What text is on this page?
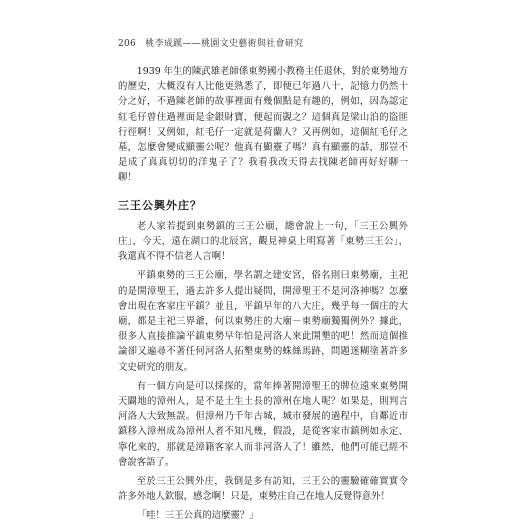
206 桃李成蹊——桃園文史藝術與社會研究

1939 年生的陳武雄老師係東勢國小教務主任退休，對於東勢地方的歷史，大概沒有人比他更熟悉了，即便已年過八十，記憶力仍然十分之好，不過陳老師的故事裡面有幾個點是有趣的，例如，因為認定紅毛仔曾住過裡面是金銀財寶，便起而覬之？這個真是梁山泊的盜匪行徑啊！又例如，紅毛仔一定就是荷蘭人？又再例如，這個紅毛仔之墓，怎麼會變成顯靈公呢？他真有顯靈了嗎？真有顯靈的話，那豈不是成了真真切切的洋鬼子了？我看我改天得去找陳老師再好好聊一聊！

三王公興外庄？

老人家若提到東勢鎮的三王公廟，總會說上一句，「三王公興外庄」，今天，遠在湖口的北辰宮，觀見神桌上明寫著「東勢三王公」，我還真不得不信老人言啊！

平鎮東勢的三王公廟，學名謂之建安宮，俗名則曰東勢廟，主祀的是開漳聖王，過去許多人提出疑問，開漳聖王不是河洛神嗎？怎麼會出現在客家庄平鎮？並且，平鎮早年的八大庄，幾乎每一個庄的大廟，都是主祀三界爺，何以東勢庄的大廟－東勢廟獨獨例外？據此，很多人直接推論平鎮東勢早年怕是河洛人來此開墾的吧！然而這個推論卻又遍尋不著任何河洛人拓墾東勢的蛛絲馬跡，問題迷糊塗著許多文史研究的朋友。

有一個方向是可以採探的，當年捧著開漳聖王的牌位遠來東勢開天闢地的漳州人，是不是土生土長的漳州在地人呢？如果是，則判言河洛人大致無誤。但漳州乃千年古城，城市發展的過程中，自鄰近市鎮移入漳州成為漳州人者不知凡幾，假設，是從客家市鎮例如永定、寧化來的，那就是漳籍客家人而非河洛人了！雖然，他們可能已經不會說客語了。

至於三王公興外庄，我倒是多有訪知，三王公的靈驗確確實實令許多外地人欽服，感念啊！只是，東勢庄自己在地人反覺得意外！

「哇！三王公真的這麼靈？」
